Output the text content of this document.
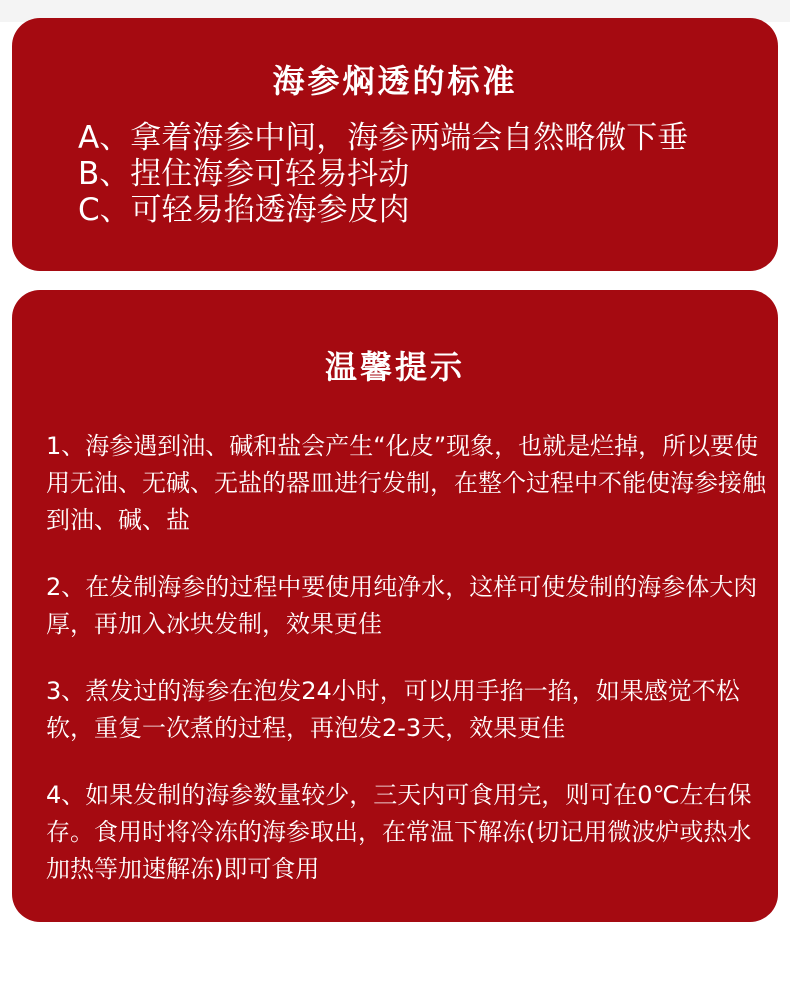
海参焖透的标准
A、拿着海参中间，海参两端会自然略微下垂
B、捏住海参可轻易抖动
C、可轻易掐透海参皮肉
温馨提示
1、海参遇到油、碱和盐会产生“化皮”现象，也就是烂掉，所以要使用无油、无碱、无盐的器皿进行发制，在整个过程中不能使海参接触到油、碱、盐
2、在发制海参的过程中要使用纯净水，这样可使发制的海参体大肉厚，再加入冰块发制，效果更佳
3、煮发过的海参在泡发24小时，可以用手掐一掐，如果感觉不松软，重复一次煮的过程，再泡发2-3天，效果更佳
4、如果发制的海参数量较少，三天内可食用完，则可在0℃左右保存。食用时将冷冻的海参取出，在常温下解冻(切记用微波炉或热水加热等加速解冻)即可食用
